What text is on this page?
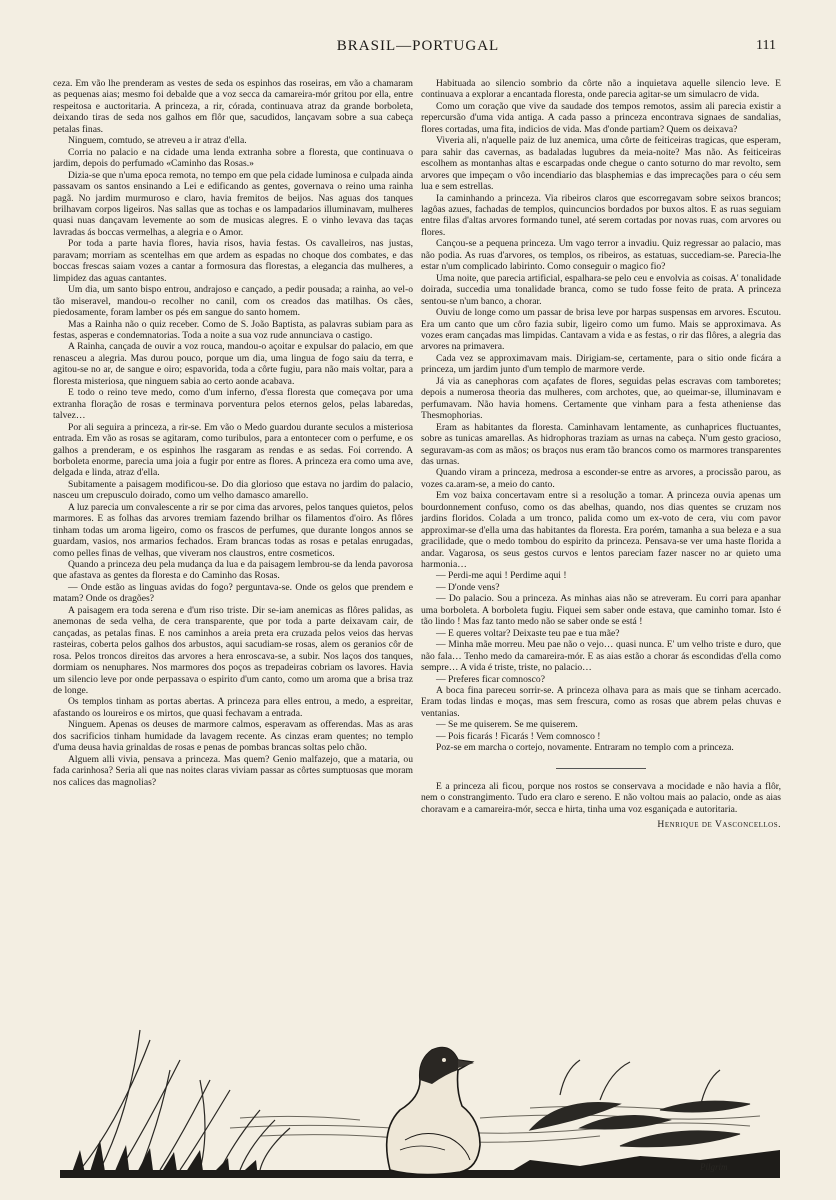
BRASIL—PORTUGAL	111

ceza. Em vão lhe prenderam as vestes de seda os espinhos das roseiras, em vão a chamaram as pequenas aias; mesmo foi debalde que a voz secca da camareira-mór gritou por ella, entre respeitosa e auctoritaria. A princeza, a rir, córada, continuava atraz da grande borboleta, deixando tiras de seda nos galhos em flôr que, sacudidos, lançavam sobre a sua cabeça petalas finas.

Ninguem, comtudo, se atreveu a ir atraz d'ella.

Corria no palacio e na cidade uma lenda extranha sobre a floresta, que continuava o jardim, depois do perfumado «Caminho das Rosas.»

Dizia-se que n'uma epoca remota, no tempo em que pela cidade luminosa e culpada ainda passavam os santos ensinando a Lei e edificando as gentes, governava o reino uma rainha pagã. No jardim murmuroso e claro, havia fremitos de beijos. Nas aguas dos tanques brilhavam corpos ligeiros. Nas sallas que as tochas e os lampadarios illuminavam, mulheres quasi nuas dançavam levemente ao som de musicas alegres. E o vinho levava das taças lavradas ás boccas vermelhas, a alegria e o Amor.

Por toda a parte havia flores, havia risos, havia festas. Os cavalleiros, nas justas, paravam; morriam as scentelhas em que ardem as espadas no choque dos combates, e das boccas frescas saiam vozes a cantar a formosura das florestas, a elegancia das mulheres, a limpidez das aguas cantantes.

Um dia, um santo bispo entrou, andrajoso e cançado, a pedir pousada; a rainha, ao vel-o tão miseravel, mandou-o recolher no canil, com os creados das matilhas. Os cães, piedosamente, foram lamber os pés em sangue do santo homem.

Mas a Rainha não o quiz receber. Como de S. João Baptista, as palavras subiam para as festas, asperas e condemnatorias. Toda a noite a sua voz rude annunciava o castigo.

A Rainha, cançada de ouvir a voz rouca, mandou-o açoitar e expulsar do palacio, em que renasceu a alegria. Mas durou pouco, porque um dia, uma lingua de fogo saiu da terra, e agitou-se no ar, de sangue e oiro; espavorida, toda a côrte fugiu, para não mais voltar, para a floresta misteriosa, que ninguem sabia ao certo aonde acabava.

E todo o reino teve medo, como d'um inferno, d'essa floresta que começava por uma extranha floração de rosas e terminava porventura pelos eternos gelos, pelas labaredas, talvez…

Por ali seguira a princeza, a rir-se. Em vão o Medo guardou durante seculos a misteriosa entrada. Em vão as rosas se agitaram, como turibulos, para a entontecer com o perfume, e os galhos a prenderam, e os espinhos lhe rasgaram as rendas e as sedas. Foi correndo. A borboleta enorme, parecia uma joia a fugir por entre as flores. A princeza era como uma ave, delgada e linda, atraz d'ella.

Subitamente a paisagem modificou-se. Do dia glorioso que estava no jardim do palacio, nasceu um crepusculo doirado, como um velho damasco amarello.

A luz parecia um convalescente a rir se por cima das arvores, pelos tanques quietos, pelos marmores. E as folhas das arvores tremiam fazendo brilhar os filamentos d'oiro. As flôres tinham todas um aroma ligeiro, como os frascos de perfumes, que durante longos annos se guardam, vasios, nos armarios fechados. Eram brancas todas as rosas e petalas enrugadas, como pelles finas de velhas, que viveram nos claustros, entre cosmeticos.

Quando a princeza deu pela mudança da lua e da paisagem lembrou-se da lenda pavorosa que afastava as gentes da floresta e do Caminho das Rosas.

— Onde estão as linguas avidas do fogo? perguntava-se. Onde os gelos que prendem e matam? Onde os dragões?

A paisagem era toda serena e d'um riso triste. Dir se-iam anemicas as flôres palidas, as anemonas de seda velha, de cera transparente, que por toda a parte deixavam cair, de cançadas, as petalas finas. E nos caminhos a areia preta era cruzada pelos veios das hervas rasteiras, coberta pelos galhos dos arbustos, aqui sacudiam-se rosas, alem os geranios côr de rosa. Pelos troncos direitos das arvores a hera enroscava-se, a subir. Nos laços dos tanques, dormiam os nenuphares. Nos marmores dos poços as trepadeiras cobriam os lavores. Havia um silencio leve por onde perpassava o espirito d'um canto, como um aroma que a brisa traz de longe.

Os templos tinham as portas abertas. A princeza para elles entrou, a medo, a espreitar, afastando os loureiros e os mirtos, que quasi fechavam a entrada.

Ninguem. Apenas os deuses de marmore calmos, esperavam as offerendas. Mas as aras dos sacrificios tinham humidade da lavagem recente. As cinzas eram quentes; no templo d'uma deusa havia grinaldas de rosas e penas de pombas brancas soltas pelo chão.

Alguem alli vivia, pensava a princeza. Mas quem? Genio malfazejo, que a mataria, ou fada carinhosa? Seria ali que nas noites claras viviam passar as côrtes sumptuosas que moram nos calices das magnolias?

Habituada ao silencio sombrio da côrte não a inquietava aquelle silencio leve. E continuava a explorar a encantada floresta, onde parecia agitar-se um simulacro de vida.

Como um coração que vive da saudade dos tempos remotos, assim ali parecia existir a repercursão d'uma vida antiga. A cada passo a princeza encontrava signaes de sandalias, flores cortadas, uma fita, indicios de vida. Mas d'onde partiam? Quem os deixava?

Viveria ali, n'aquelle paiz de luz anemica, uma côrte de feiticeiras tragicas, que esperam, para sahir das cavernas, as badaladas lugubres da meia-noite? Mas não. As feiticeiras escolhem as montanhas altas e escarpadas onde chegue o canto soturno do mar revolto, sem arvores que impeçam o vôo incendiario das blasphemias e das imprecações para o céu sem lua e sem estrellas.

Ia caminhando a princeza. Via ribeiros claros que escorregavam sobre seixos brancos; lagôas azues, fachadas de templos, quincuncios bordados por buxos altos. E as ruas seguiam entre filas d'altas arvores formando tunel, até serem cortadas por novas ruas, com arvores ou flores.

Cançou-se a pequena princeza. Um vago terror a invadiu. Quiz regressar ao palacio, mas não podia. As ruas d'arvores, os templos, os ribeiros, as estatuas, succediam-se. Parecia-lhe estar n'um complicado labirinto. Como conseguir o magico fio?

Uma noite, que parecia artificial, espalhara-se pelo ceu e envolvia as coisas. A' tonalidade doirada, succedia uma tonalidade branca, como se tudo fosse feito de prata. A princeza sentou-se n'um banco, a chorar.

Ouviu de longe como um passar de brisa leve por harpas suspensas em arvores. Escutou. Era um canto que um côro fazia subir, ligeiro como um fumo. Mais se approximava. As vozes eram cançadas mas limpidas. Cantavam a vida e as festas, o rir das flôres, a alegria das arvores na primavera.

Cada vez se approximavam mais. Dirigiam-se, certamente, para o sitio onde ficára a princeza, um jardim junto d'um templo de marmore verde.

Já via as canephoras com açafates de flores, seguidas pelas escravas com tamboretes; depois a numerosa theoria das mulheres, com archotes, que, ao queimar-se, illuminavam e perfumavam. Não havia homens. Certamente que vinham para a festa atheniense das Thesmophorias.

Eram as habitantes da floresta. Caminhavam lentamente, as cunhaprices fluctuantes, sobre as tunicas amarellas. As hidrophoras traziam as urnas na cabeça. N'um gesto gracioso, seguravam-as com as mãos; os braços nus eram tão brancos como os marmores transparentes das urnas.

Quando viram a princeza, medrosa a esconder-se entre as arvores, a procissão parou, as vozes ca.aram-se, a meio do canto.

Em voz baixa concertavam entre si a resolução a tomar. A princeza ouvia apenas um bourdonnement confuso, como os das abelhas, quando, nos dias quentes se cruzam nos jardins floridos. Colada a um tronco, palida como um ex-voto de cera, viu com pavor approximar-se d'ella uma das habitantes da floresta. Era porém, tamanha a sua beleza e a sua gracilidade, que o medo tombou do espirito da princeza. Pensava-se ver uma haste florida a andar. Vagarosa, os seus gestos curvos e lentos pareciam fazer nascer no ar quieto uma harmonia…

— Perdi-me aqui ! Perdime aqui !

— D'onde vens?

— Do palacio. Sou a princeza. As minhas aias não se atreveram. Eu corri para apanhar uma borboleta. A borboleta fugiu. Fiquei sem saber onde estava, que caminho tomar. Isto é tão lindo ! Mas faz tanto medo não se saber onde se está !

— E queres voltar? Deixaste teu pae e tua mãe?

— Minha mãe morreu. Meu pae não o vejo… quasi nunca. E' um velho triste e duro, que não fala… Tenho medo da camareira-mór. E as aias estão a chorar ás escondidas d'ella como sempre… A vida é triste, triste, no palacio…

— Preferes ficar comnosco?

A boca fina pareceu sorrir-se. A princeza olhava para as mais que se tinham acercado. Eram todas lindas e moças, mas sem frescura, como as rosas que abrem pelas chuvas e ventanias.

— Se me quiserem. Se me quiserem.

— Pois ficarás ! Ficarás ! Vem comnosco !

Poz-se em marcha o cortejo, novamente. Entraram no templo com a princeza.

E a princeza ali ficou, porque nos rostos se conservava a mocidade e não havia a flôr, nem o constrangimento. Tudo era claro e sereno. E não voltou mais ao palacio, onde as aias choravam e a camareira-mór, secca e hirta, tinha uma voz esganiçada e autoritaria.

Henrique de Vasconcellos.
Pilgrim
